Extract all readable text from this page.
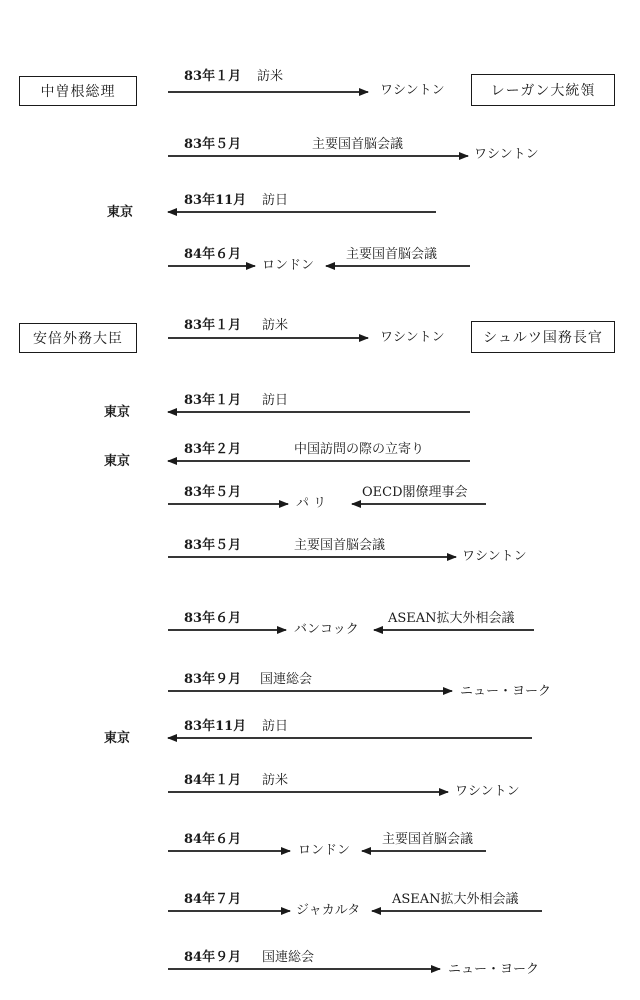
中曽根総理	レーガン大統領
安倍外務大臣	シュルツ国務長官
83年１月 訪米
ワシントン
83年５月	主要国首脳会議
ワシントン
83年11月 訪日
東京
84年６月	主要国首脳会議
ロンドン
83年１月 訪米
ワシントン
83年１月 訪日
東京
83年２月	中国訪問の際の立寄り
東京
83年５月	OECD閣僚理事会
パ リ
83年５月	主要国首脳会議
ワシントン
83年６月	ASEAN拡大外相会議
バンコック
83年９月 国連総会
ニュー・ヨーク
83年11月 訪日
東京
84年１月 訪米
ワシントン
84年６月	主要国首脳会議
ロンドン
84年７月	ASEAN拡大外相会議
ジャカルタ
84年９月 国連総会
ニュー・ヨーク
